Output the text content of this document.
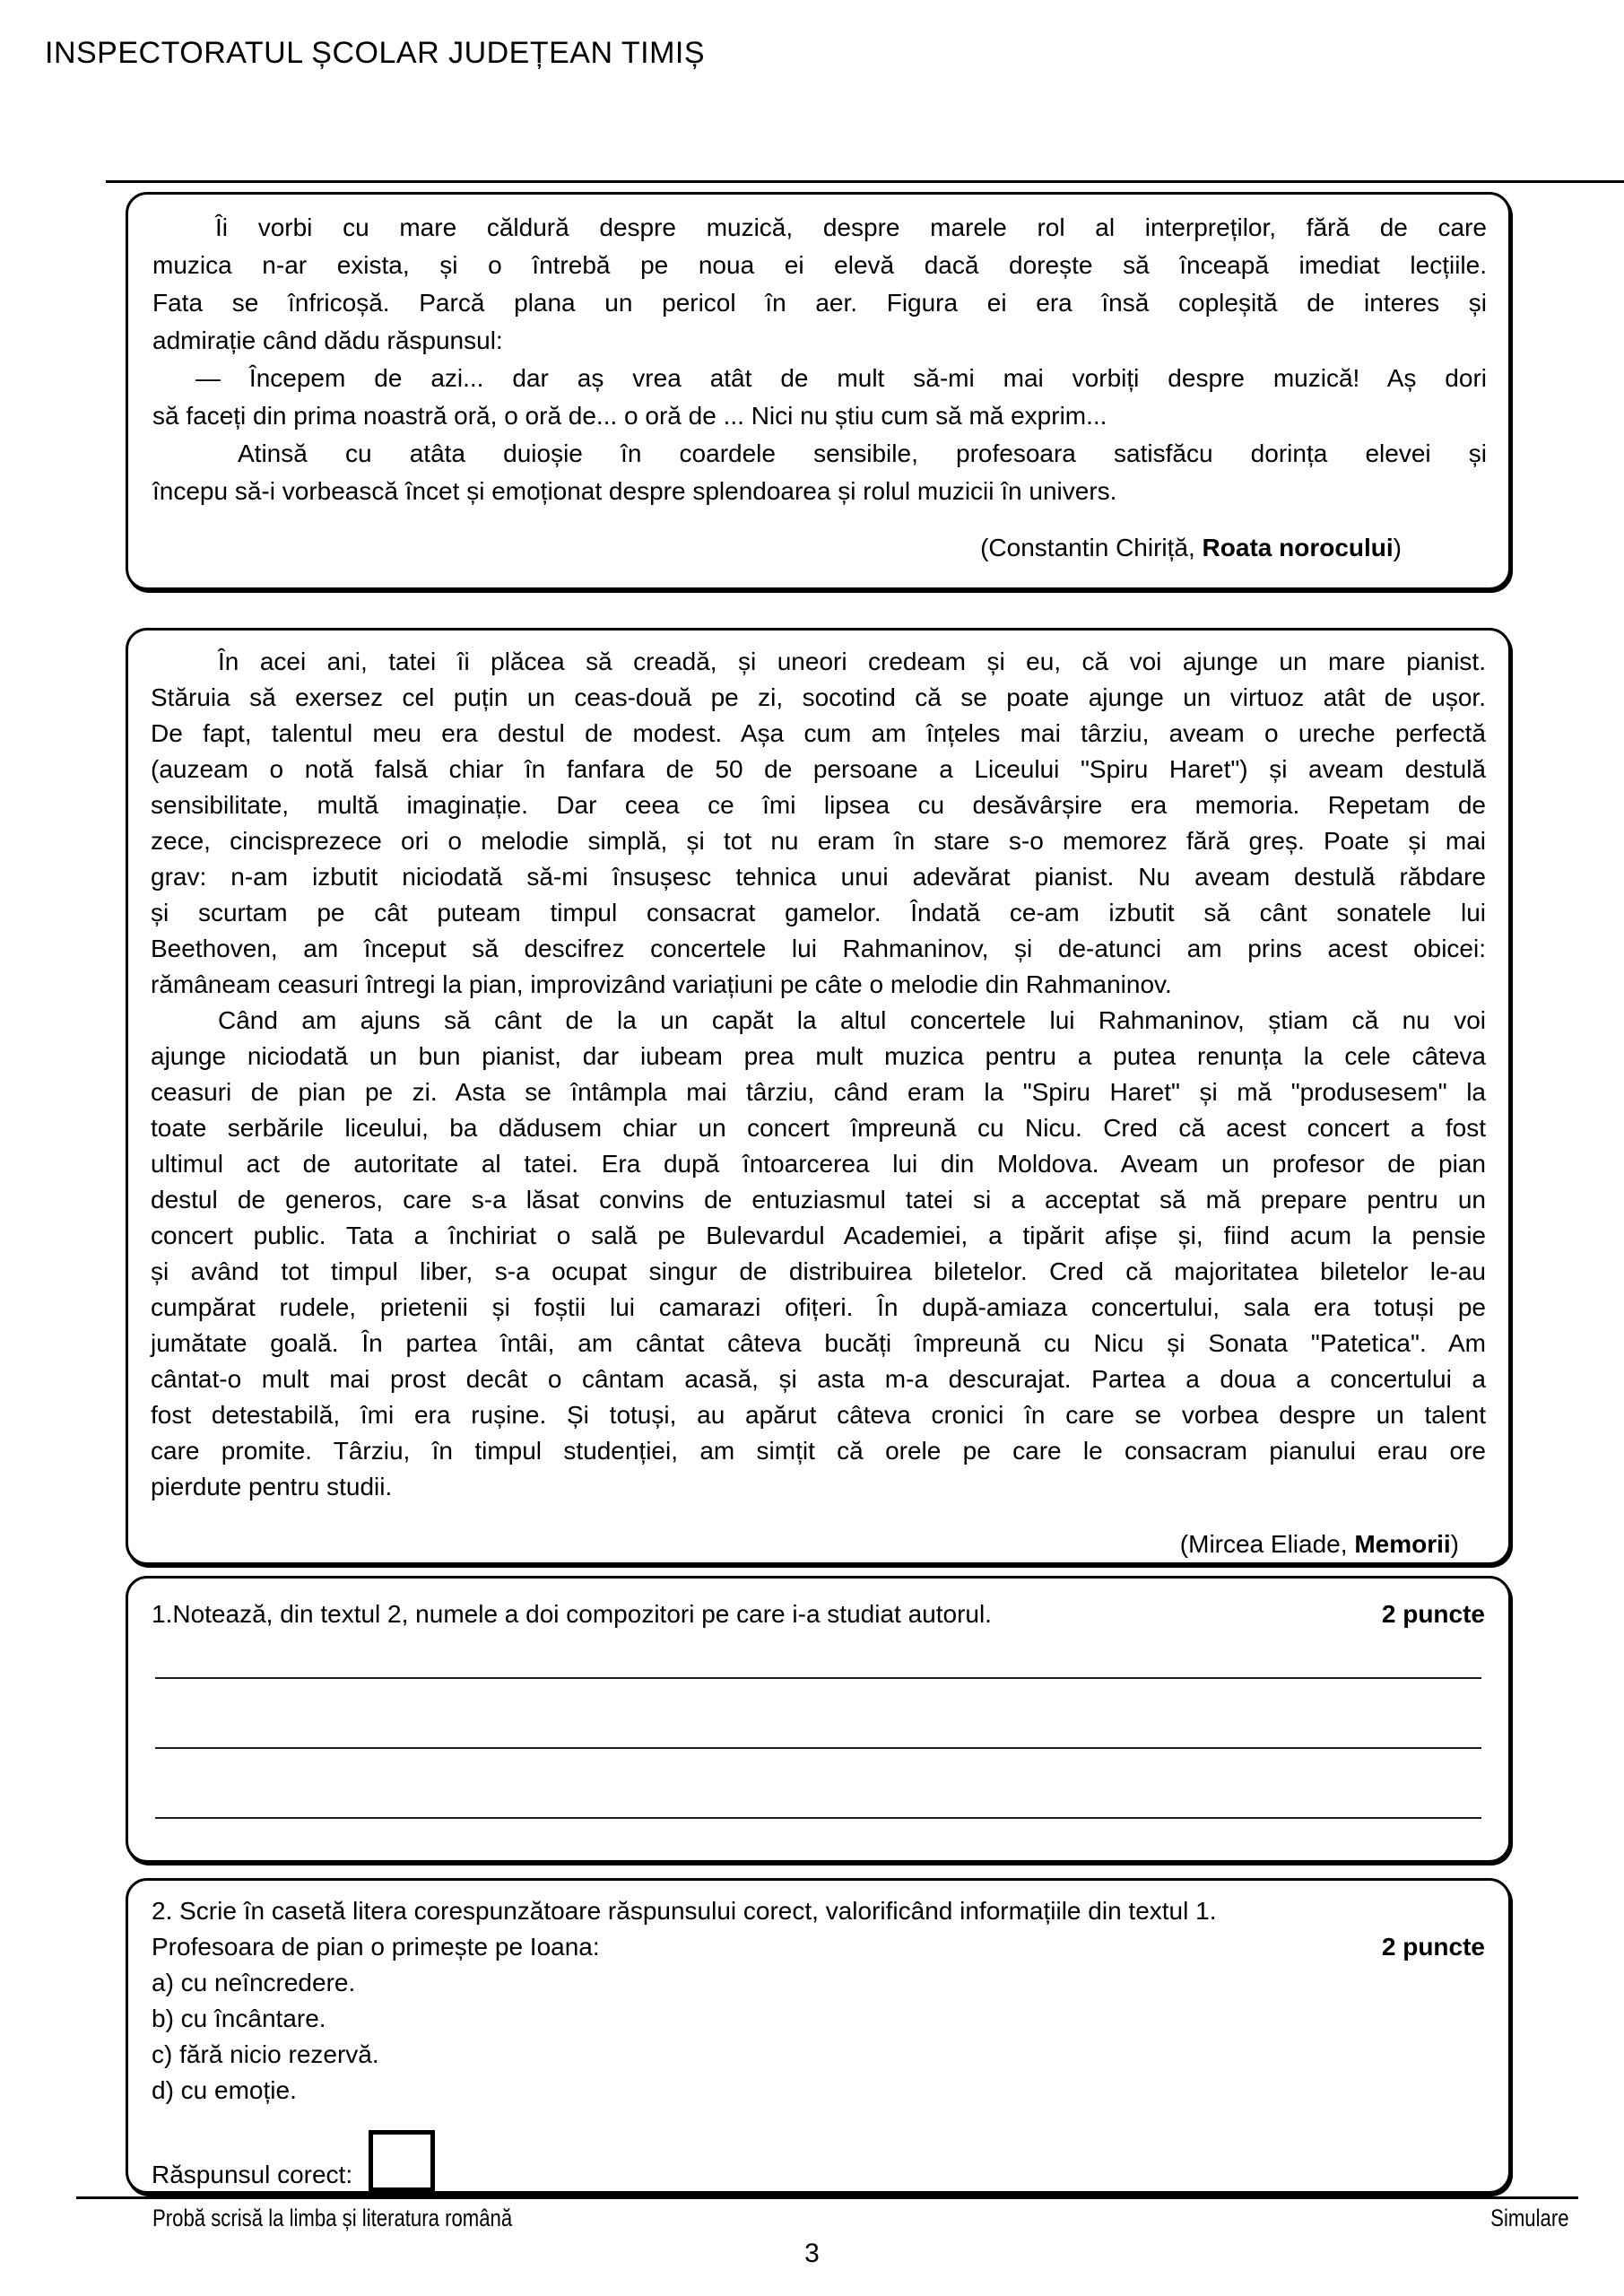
INSPECTORATUL ȘCOLAR JUDEȚEAN TIMIȘ
Îi vorbi cu mare căldură despre muzică, despre marele rol al interpreților, fără de care
muzica n-ar exista, și o întrebă pe noua ei elevă dacă dorește să înceapă imediat lecțiile.
Fata se înfricoșă. Parcă plana un pericol în aer. Figura ei era însă copleșită de interes și
admirație când dădu răspunsul:
— Începem de azi... dar aș vrea atât de mult să-mi mai vorbiți despre muzică! Aș dori
să faceți din prima noastră oră, o oră de... o oră de ... Nici nu știu cum să mă exprim...
Atinsă cu atâta duioșie în coardele sensibile, profesoara satisfăcu dorința elevei și
începu să-i vorbească încet și emoționat despre splendoarea și rolul muzicii în univers.
(Constantin Chiriță, Roata norocului)
În acei ani, tatei îi plăcea să creadă, și uneori credeam și eu, că voi ajunge un mare pianist.
Stăruia să exersez cel puțin un ceas-două pe zi, socotind că se poate ajunge un virtuoz atât de ușor.
De fapt, talentul meu era destul de modest. Așa cum am înțeles mai târziu, aveam o ureche perfectă
(auzeam o notă falsă chiar în fanfara de 50 de persoane a Liceului "Spiru Haret") și aveam destulă
sensibilitate, multă imaginație. Dar ceea ce îmi lipsea cu desăvârșire era memoria. Repetam de
zece, cincisprezece ori o melodie simplă, și tot nu eram în stare s-o memorez fără greș. Poate și mai
grav: n-am izbutit niciodată să-mi însușesc tehnica unui adevărat pianist. Nu aveam destulă răbdare
și scurtam pe cât puteam timpul consacrat gamelor. Îndată ce-am izbutit să cânt sonatele lui
Beethoven, am început să descifrez concertele lui Rahmaninov, și de-atunci am prins acest obicei:
rămâneam ceasuri întregi la pian, improvizând variațiuni pe câte o melodie din Rahmaninov.
Când am ajuns să cânt de la un capăt la altul concertele lui Rahmaninov, știam că nu voi
ajunge niciodată un bun pianist, dar iubeam prea mult muzica pentru a putea renunța la cele câteva
ceasuri de pian pe zi. Asta se întâmpla mai târziu, când eram la "Spiru Haret" și mă "produsesem" la
toate serbările liceului, ba dădusem chiar un concert împreună cu Nicu. Cred că acest concert a fost
ultimul act de autoritate al tatei. Era după întoarcerea lui din Moldova. Aveam un profesor de pian
destul de generos, care s-a lăsat convins de entuziasmul tatei si a acceptat să mă prepare pentru un
concert public. Tata a închiriat o sală pe Bulevardul Academiei, a tipărit afișe și, fiind acum la pensie
și având tot timpul liber, s-a ocupat singur de distribuirea biletelor. Cred că majoritatea biletelor le-au
cumpărat rudele, prietenii și foștii lui camarazi ofițeri. În după-amiaza concertului, sala era totuși pe
jumătate goală. În partea întâi, am cântat câteva bucăți împreună cu Nicu și Sonata "Patetica". Am
cântat-o mult mai prost decât o cântam acasă, și asta m-a descurajat. Partea a doua a concertului a
fost detestabilă, îmi era rușine. Și totuși, au apărut câteva cronici în care se vorbea despre un talent
care promite. Târziu, în timpul studenției, am simțit că orele pe care le consacram pianului erau ore
pierdute pentru studii.
(Mircea Eliade, Memorii)
1.Notează, din textul 2, numele a doi compozitori pe care i-a studiat autorul.	2 puncte
2. Scrie în casetă litera corespunzătoare răspunsului corect, valorificând informațiile din textul 1.
Profesoara de pian o primește pe Ioana:	2 puncte
a) cu neîncredere.
b) cu încântare.
c) fără nicio rezervă.
d) cu emoție.
Răspunsul corect:
Probă scrisă la limba și literatura română	Simulare
3
